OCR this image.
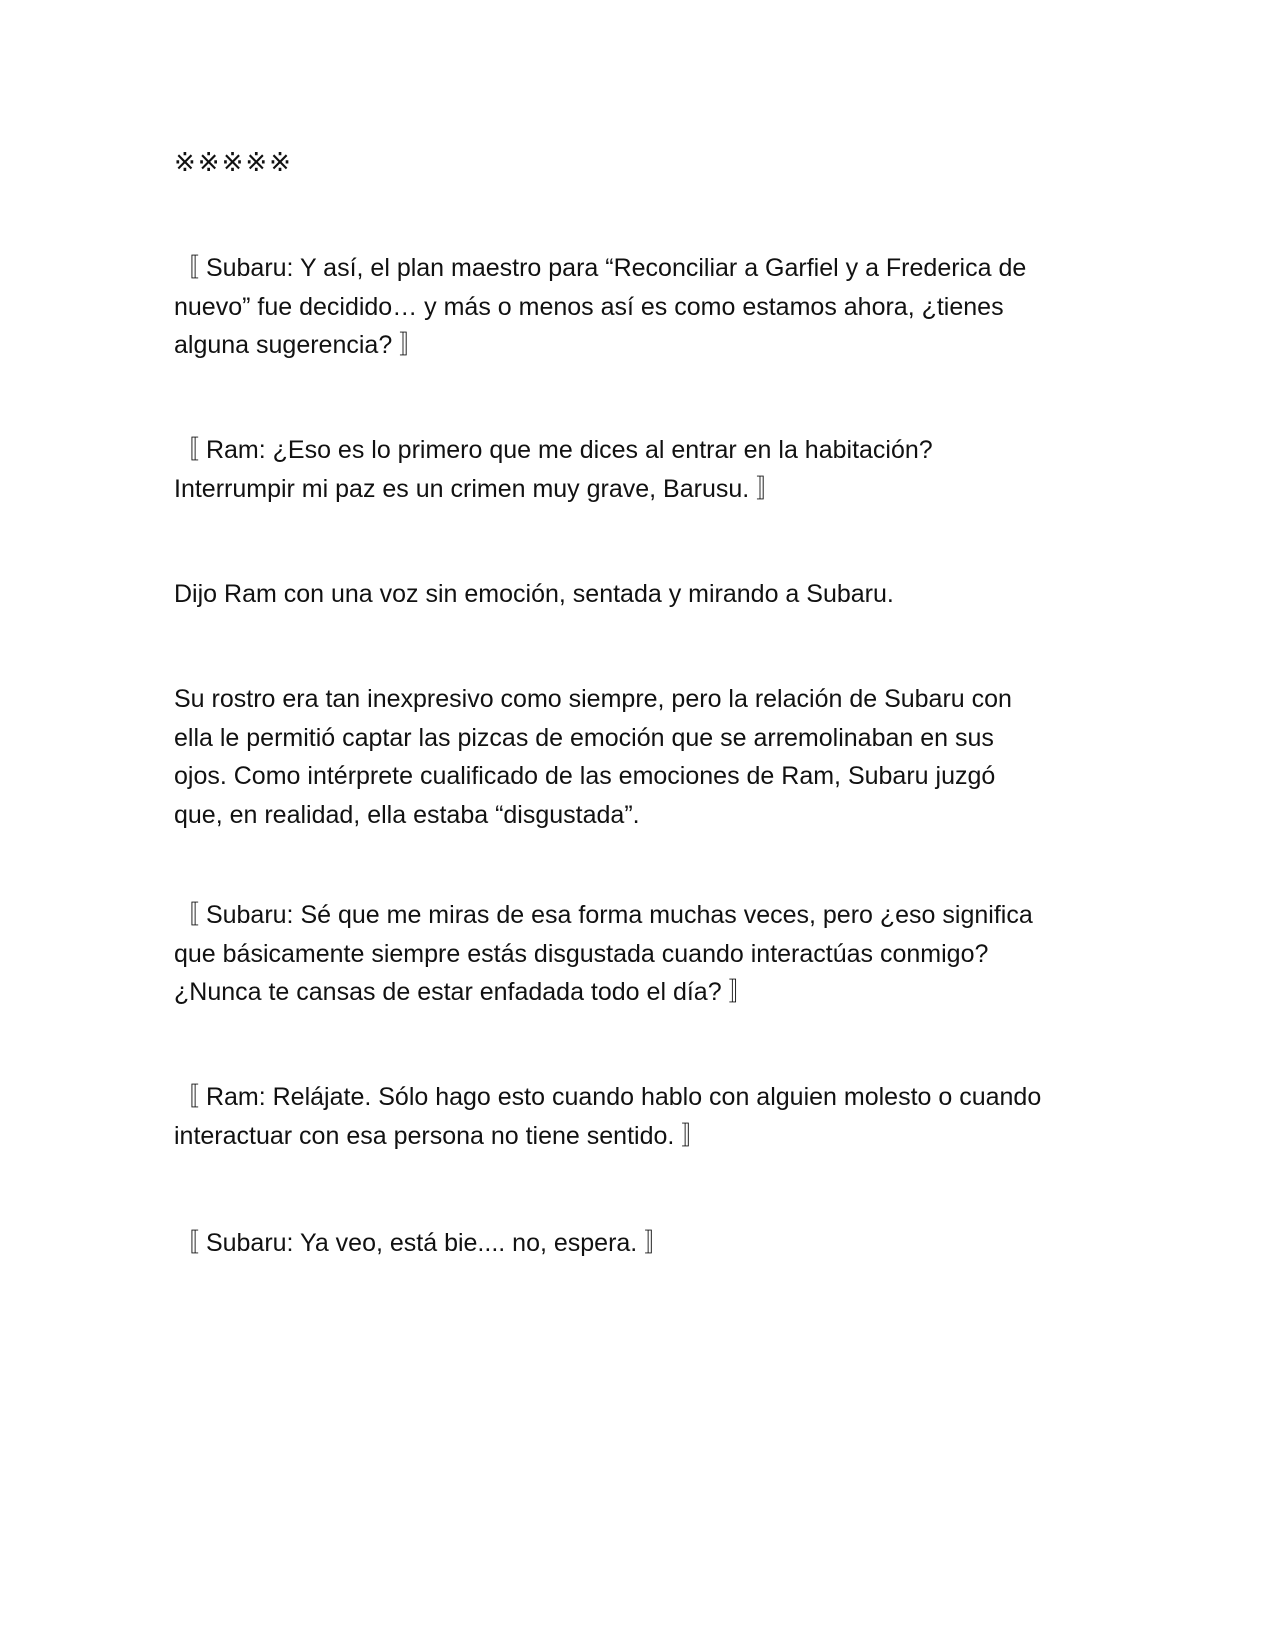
※※※※※

〚 Subaru: Y así, el plan maestro para “Reconciliar a Garfiel y a Frederica de
nuevo” fue decidido… y más o menos así es como estamos ahora, ¿tienes
alguna sugerencia? 〛

〚 Ram: ¿Eso es lo primero que me dices al entrar en la habitación?
Interrumpir mi paz es un crimen muy grave, Barusu. 〛

Dijo Ram con una voz sin emoción, sentada y mirando a Subaru.

Su rostro era tan inexpresivo como siempre, pero la relación de Subaru con
ella le permitió captar las pizcas de emoción que se arremolinaban en sus
ojos. Como intérprete cualificado de las emociones de Ram, Subaru juzgó
que, en realidad, ella estaba “disgustada”.

〚 Subaru: Sé que me miras de esa forma muchas veces, pero ¿eso significa
que básicamente siempre estás disgustada cuando interactúas conmigo?
¿Nunca te cansas de estar enfadada todo el día? 〛

〚 Ram: Relájate. Sólo hago esto cuando hablo con alguien molesto o cuando
interactuar con esa persona no tiene sentido. 〛

〚 Subaru: Ya veo, está bie.... no, espera. 〛
